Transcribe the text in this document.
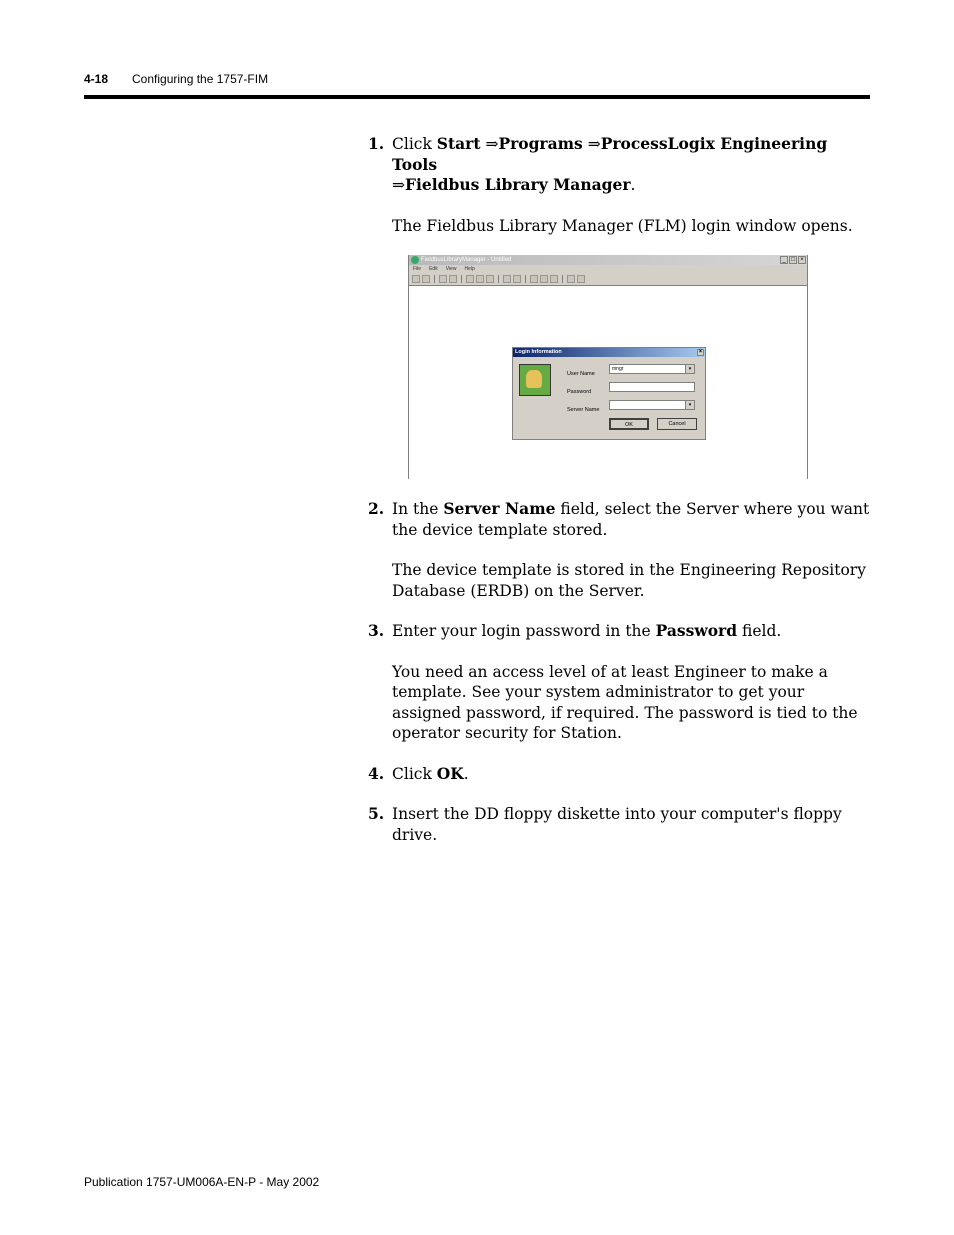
4-18 Configuring the 1757-FIM
1. Click Start ⇒Programs ⇒ProcessLogix Engineering Tools
⇒Fieldbus Library Manager.
The Fieldbus Library Manager (FLM) login window opens.
FieldbusLibraryManager - Untitled	_ □ ×
File Edit View Help
Login Information	×
User Name
mngr	▾
Password
Server Name
▾
OK	Cancel
2. In the Server Name field, select the Server where you want the device template stored.
The device template is stored in the Engineering Repository Database (ERDB) on the Server.
3. Enter your login password in the Password field.
You need an access level of at least Engineer to make a template. See your system administrator to get your assigned password, if required. The password is tied to the operator security for Station.
4. Click OK.
5. Insert the DD floppy diskette into your computer's floppy drive.
Publication 1757-UM006A-EN-P - May 2002
